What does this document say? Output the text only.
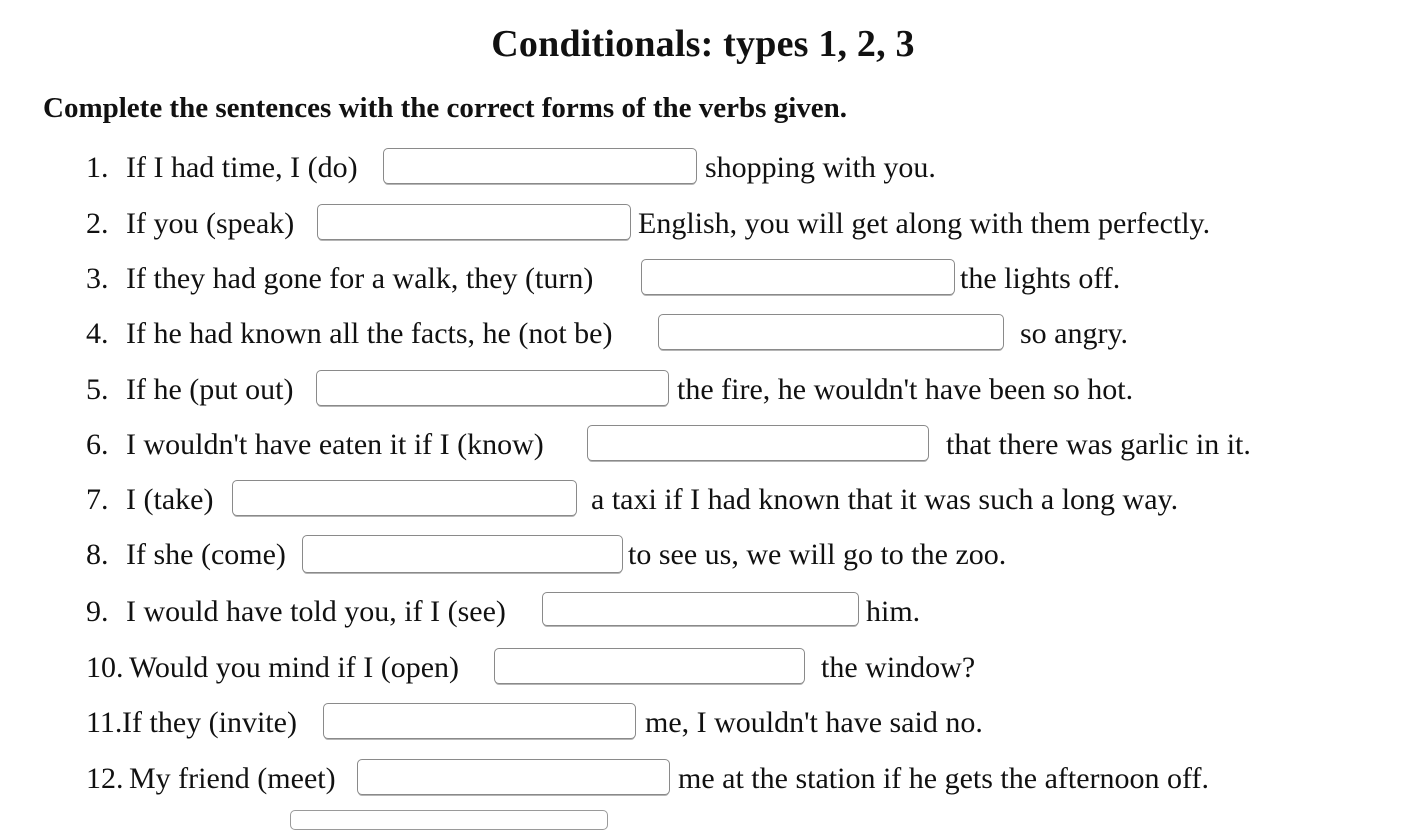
Conditionals: types 1, 2, 3
Complete the sentences with the correct forms of the verbs given.
1. If I had time, I (do)	shopping with you.
2. If you (speak)	English, you will get along with them perfectly.
3. If they had gone for a walk, they (turn)	the lights off.
4. If he had known all the facts, he (not be)	so angry.
5. If he (put out)	the fire, he wouldn't have been so hot.
6. I wouldn't have eaten it if I (know)	that there was garlic in it.
7. I (take)	a taxi if I had known that it was such a long way.
8. If she (come)	to see us, we will go to the zoo.
9. I would have told you, if I (see)	him.
10. Would you mind if I (open)	the window?
11. If they (invite)	me, I wouldn't have said no.
12. My friend (meet)	me at the station if he gets the afternoon off.
